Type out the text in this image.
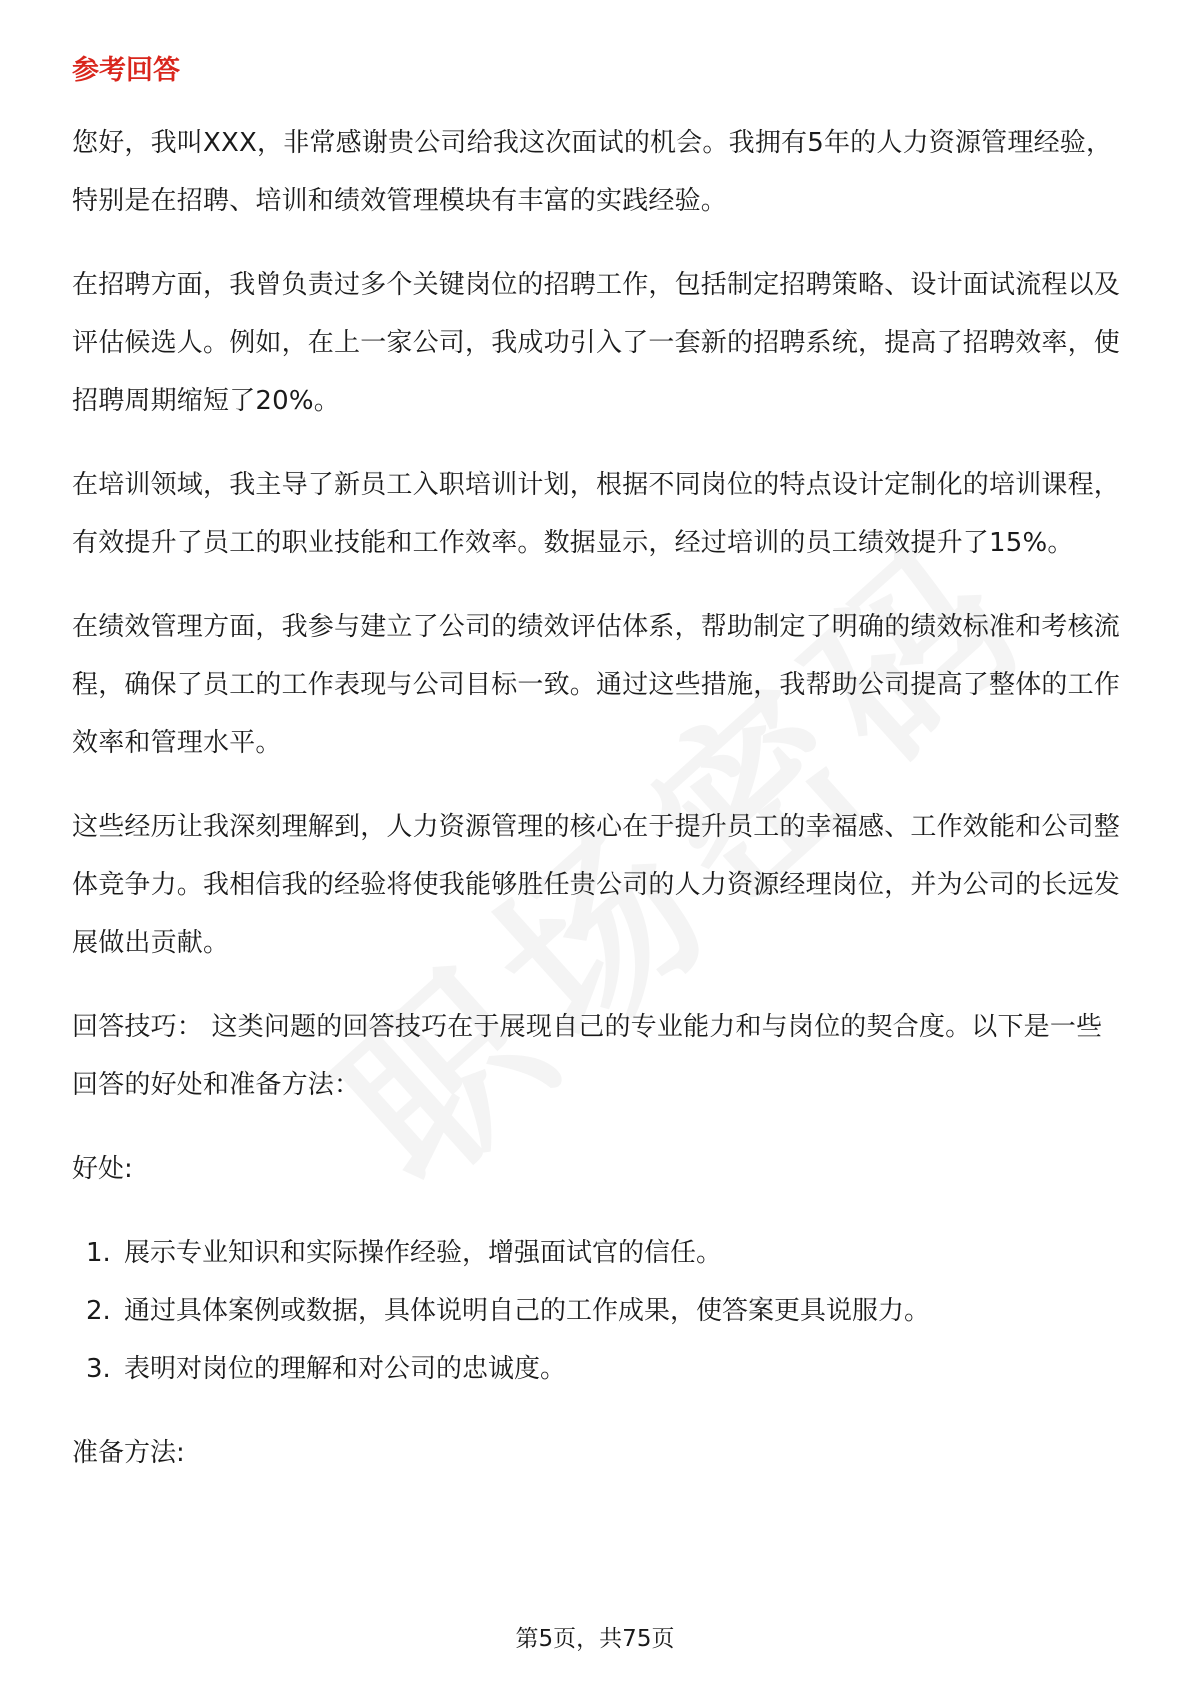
参考回答

您好，我叫XXX，非常感谢贵公司给我这次面试的机会。我拥有5年的人力资源管理经验，特别是在招聘、培训和绩效管理模块有丰富的实践经验。

在招聘方面，我曾负责过多个关键岗位的招聘工作，包括制定招聘策略、设计面试流程以及评估候选人。例如，在上一家公司，我成功引入了一套新的招聘系统，提高了招聘效率，使招聘周期缩短了20%。

在培训领域，我主导了新员工入职培训计划，根据不同岗位的特点设计定制化的培训课程，有效提升了员工的职业技能和工作效率。数据显示，经过培训的员工绩效提升了15%。

在绩效管理方面，我参与建立了公司的绩效评估体系，帮助制定了明确的绩效标准和考核流程，确保了员工的工作表现与公司目标一致。通过这些措施，我帮助公司提高了整体的工作效率和管理水平。

这些经历让我深刻理解到，人力资源管理的核心在于提升员工的幸福感、工作效能和公司整体竞争力。我相信我的经验将使我能够胜任贵公司的人力资源经理岗位，并为公司的长远发展做出贡献。

回答技巧： 这类问题的回答技巧在于展现自己的专业能力和与岗位的契合度。以下是一些回答的好处和准备方法：

好处:
1. 展示专业知识和实际操作经验，增强面试官的信任。
2. 通过具体案例或数据，具体说明自己的工作成果，使答案更具说服力。
3. 表明对岗位的理解和对公司的忠诚度。
准备方法:
第5页，共75页
